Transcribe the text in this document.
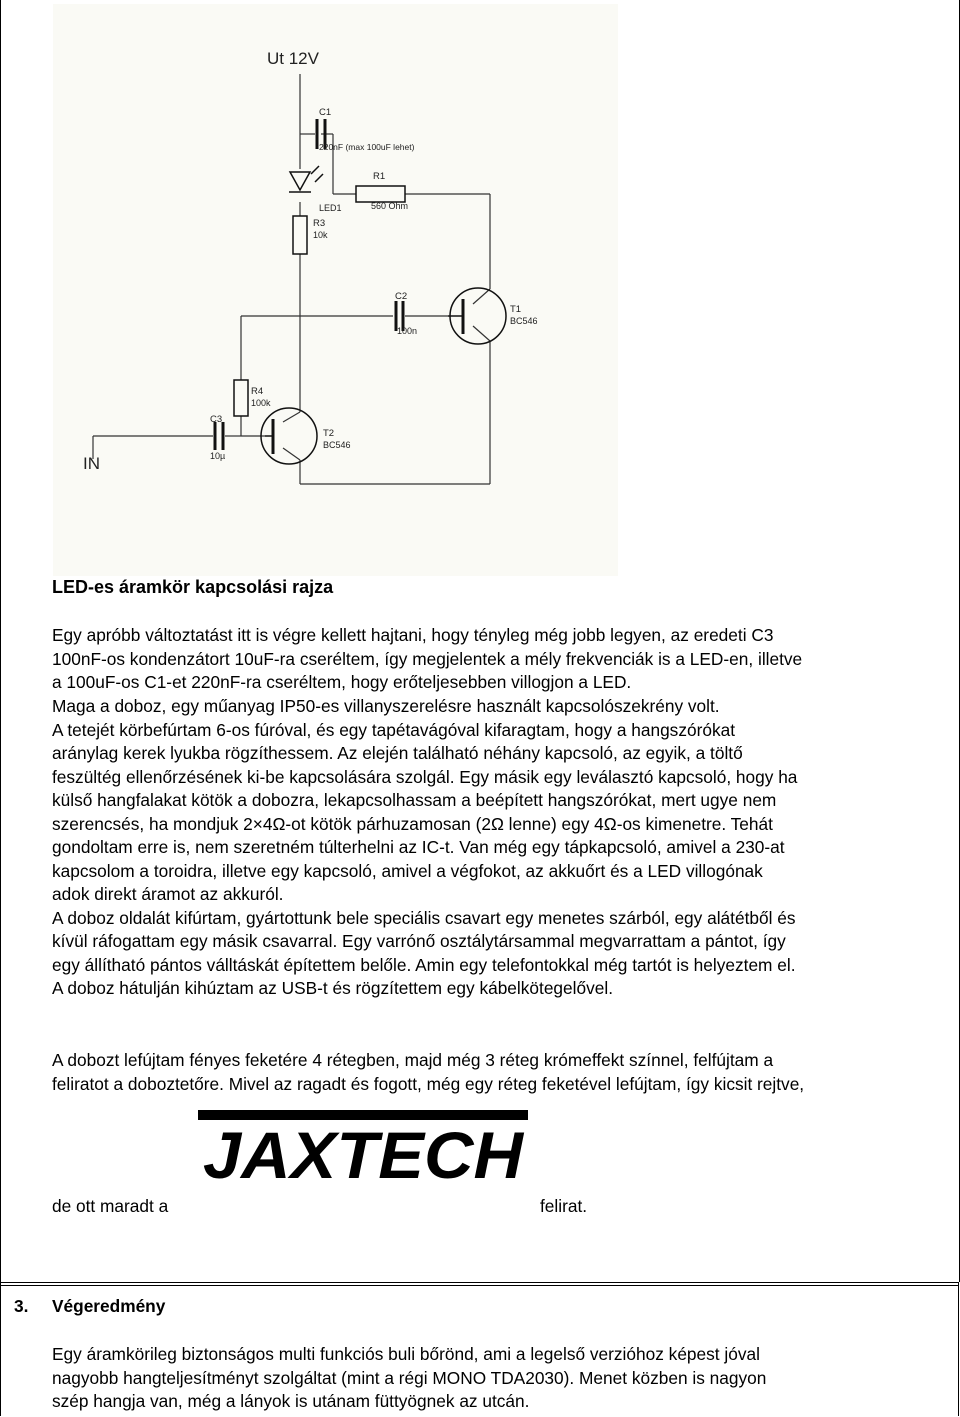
Ut 12V
IN
C1
220nF (max 100uF lehet)
LED1
R1
560 Ohm
R3
10k
C2
100n
T1
BC546
R4
100k
C3
10µ
T2
BC546
LED-es áramkör kapcsolási rajza
Egy apróbb változtatást itt is végre kellett hajtani, hogy tényleg még jobb legyen, az eredeti C3
100nF-os kondenzátort 10uF-ra cseréltem, így megjelentek a mély frekvenciák is a LED-en, illetve
a 100uF-os C1-et 220nF-ra cseréltem, hogy erőteljesebben villogjon a LED.
Maga a doboz, egy műanyag IP50-es villanyszerelésre használt kapcsolószekrény volt.
A tetejét körbefúrtam 6-os fúróval, és egy tapétavágóval kifaragtam, hogy a hangszórókat
aránylag kerek lyukba rögzíthessem. Az elején található néhány kapcsoló, az egyik, a töltő
feszültég ellenőrzésének ki-be kapcsolására szolgál. Egy másik egy leválasztó kapcsoló, hogy ha
külső hangfalakat kötök a dobozra, lekapcsolhassam a beépített hangszórókat, mert ugye nem
szerencsés, ha mondjuk 2×4Ω-ot kötök párhuzamosan (2Ω lenne) egy 4Ω-os kimenetre. Tehát
gondoltam erre is, nem szeretném túlterhelni az IC-t. Van még egy tápkapcsoló, amivel a 230-at
kapcsolom a toroidra, illetve egy kapcsoló, amivel a végfokot, az akkuőrt és a LED villogónak
adok direkt áramot az akkuról.
A doboz oldalát kifúrtam, gyártottunk bele speciális csavart egy menetes szárból, egy alátétből és
kívül ráfogattam egy másik csavarral. Egy varrónő osztálytársammal megvarrattam a pántot, így
egy állítható pántos válltáskát építettem belőle. Amin egy telefontokkal még tartót is helyeztem el.
A doboz hátulján kihúztam az USB-t és rögzítettem egy kábelkötegelővel.
A dobozt lefújtam fényes feketére 4 rétegben, majd még 3 réteg krómeffekt színnel, felfújtam a
feliratot a doboztetőre. Mivel az ragadt és fogott, még egy réteg feketével lefújtam, így kicsit rejtve,
JAXTECH
de ott maradt a	felirat.
3. Végeredmény
Egy áramkörileg biztonságos multi funkciós buli bőrönd, ami a legelső verzióhoz képest jóval
nagyobb hangteljesítményt szolgáltat (mint a régi MONO TDA2030). Menet közben is nagyon
szép hangja van, még a lányok is utánam füttyögnek az utcán.
